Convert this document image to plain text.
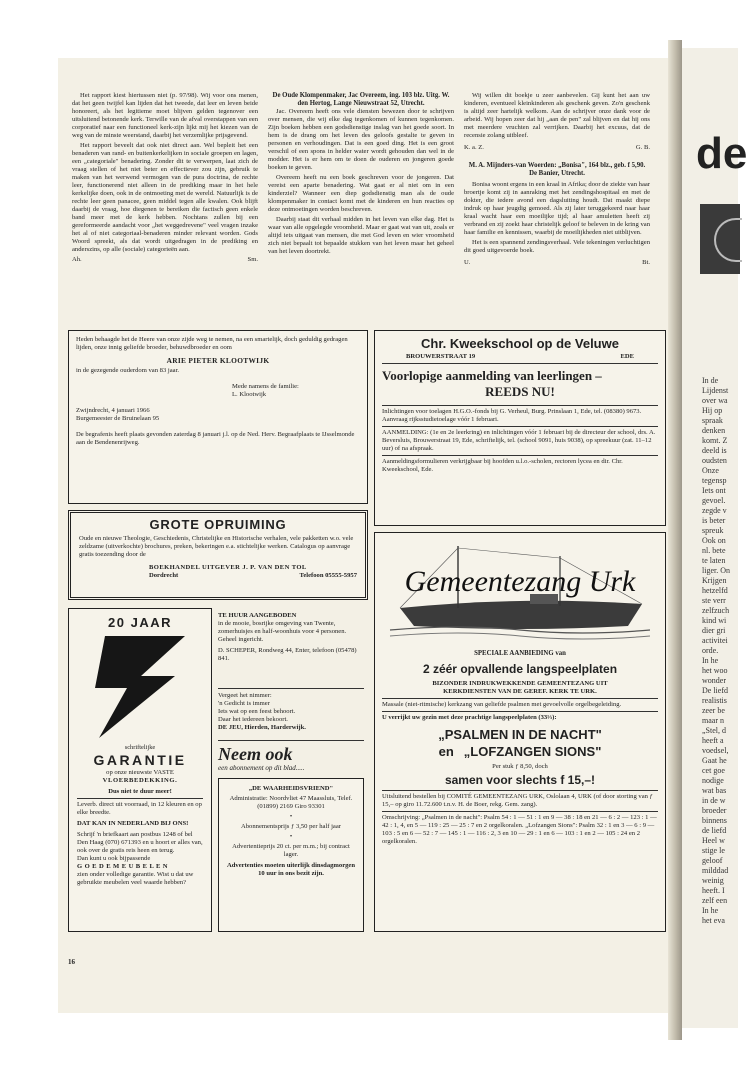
de
In de
Lijdenst
over wa
Hij op
spraak
denken
komt. Z
deeld is
oudsten
Onze
tegensp
Iets ont
gevoel.
zegde v
is beter
spreuk
Ook on
nl. bete
te laten
liger. On
Krijgen
hetzelfd
ste verr
zelfzuch
kind wi
dier gri
activitei
orde.
In he
het woo
wonder
De liefd
realistis
zeer be
maar n
„Stel, d
heeft a
voedsel,
Gaat he
cet goe
nodige
wat bas
in de w
broeder
binnens
de liefd
Heel w
stige le
geloof
milddad
weinig
heeft. I
zelf een
In he
het eva

Het rapport kiest hiertussen niet (p. 97/98). Wij voor ons menen, dat het geen twijfel kan lijden dat het tweede, dat leer en leven beide honoreert, als het legitieme moet blijven gelden tegenover een uitsluitend betonende kerk. Terwille van de afval overstappen van een corporatief naar een functioneel kerk-zijn lijkt mij het kiezen van de weg van de minste weerstand, daarbij het verzemlijke prijsgevend.

Het rapport beveelt dat ook niet direct aan. Wel bepleit het een benaderen van rand- en buitenkerkelijken in sociale groepen en lagen, een „categoriale" benadering. Zonder dit te verwerpen, laat zich de vraag stellen of het niet beter en effectiever zou zijn, gebruik te maken van het werwend vermogen van de pura doctrina, de rechte leer, functionerend niet alleen in de prediking maar in het hele kerkelijke doen, ook in de ontmoeting met de wereld. Natuurlijk is de rechte leer geen panacee, geen middel tegen alle kwalen. Ook blijft daarbij de vraag, hoe diegenen te bereiken die factisch geen enkele band meer met de kerk hebben. Nochtans zullen bij een gereformeerde aandacht voor „het weggedrevene" veel vragen inzake het al of niet categoriaal-benaderen minder relevant worden. Gods Woord spreekt, als dat wordt uitgedragen in de prediking en anderszins, op alle (sociale) categorieën aan.

Ah.	Sm.
De Oude Klompenmaker, Jac Overeem, ing. 103 blz. Uitg. W. den Hertog, Lange Nieuwstraat 52, Utrecht.

Jac. Overeem heeft ons vele diensten bewezen door te schrijven over mensen, die wij elke dag tegenkomen of kunnen tegenkomen. Zijn boeken hebben een godsdienstige inslag van het goede soort. In hem is de drang om het leven des geloofs gestalte te geven in personen en verhoudingen. Dat is een goed ding. Het is een groot verschil of een spons in helder water wordt gehouden dan wel in de modder. Het is er hem om te doen de ouderen en jongeren goede boeken te geven.

Overeem heeft nu een boek geschreven voor de jongeren. Dat vereist een aparte benadering. Wat gaat er al niet om in een kinderziel? Wanneer een diep godsdienstig man als de oude klompenmaker in contact komt met de kinderen en hun reacties op deze ontmoetingen worden beschreven.

Daarbij staat dit verhaal midden in het leven van elke dag. Het is waar van alle opgelegde vroomheid. Maar er gaat wat van uit, zoals er altijd iets uitgaat van mensen, die met God leven en wier vroomheid zich niet bepaalt tot bepaalde stukken van het leven maar het geheel van het leven doortrekt.

Wij willen dit boekje u zeer aanbevelen. Gij kunt het aan uw kinderen, eventueel kleinkinderen als geschenk geven. Zo'n geschenk is altijd zeer hartelijk welkom. Aan de schrijver onze dank voor de arbeid. Wij hopen zeer dat hij „aan de pen" zal blijven en dat hij ons met meerdere vruchten zal verrijken. Daarbij het excuus, dat de recensie zolang uitbleef.

K. a. Z.	G. B.
M. A. Mijnders-van Woerden: „Bonisa", 164 blz., geb. f 5,90. De Banier, Utrecht.

Bonisa woont ergens in een kraal in Afrika; door de ziekte van haar broertje komt zij in aanraking met het zendingshospitaal en met de dokter, die iedere avond een dagsluiting houdt. Dat maakt diepe indruk op haar jeugdig gemoed. Als zij later teruggekeerd naar haar kraal wacht haar een moeilijke tijd; al haar amuletten heeft zij verbrand en zij zoekt haar christelijk geloof te beleven in de kring van haar familie en kennissen, waarbij de moeilijkheden niet uitblijven.

Het is een spannend zendingsverhaal. Vele tekeningen verluchtigen dit goed uitgevoerde boek.

U.	Bt.
Heden behaagde het de Heere van onze zijde weg te nemen, na een smartelijk, doch geduldig gedragen lijden, onze innig geliefde broeder, behuwdbroeder en oom
ARIE PIETER KLOOTWIJK
in de gezegende ouderdom van 83 jaar.
Mede namens de familie:
L. Klootwijk
Zwijndrecht, 4 januari 1966
Burgemeester de Bruinelaan 95
De begrafenis heeft plaats gevonden zaterdag 8 januari j.l. op de Ned. Herv. Begraafplaats te IJsselmonde aan de Bendenenrijweg.
GROTE OPRUIMING
Oude en nieuwe Theologie, Geschiedenis, Christelijke en Historische verhalen, vele pakketten w.o. vele zeldzame (uitverkochte) brochures, preken, bekeringen e.a. stichtelijke werken. Catalogus op aanvrage gratis toezending door de
BOEKHANDEL UITGEVER J. P. VAN DEN TOL
Dordrecht	Telefoon 05555-5957
Chr. Kweekschool op de Veluwe
BROUWERSTRAAT 19	EDE
Voorlopige aanmelding van leerlingen –
REEDS NU!
Inlichtingen voor toelagen H.G.O.-fonds bij G. Verheul, Burg. Prinslaan 1, Ede, tel. (08380) 9673.
Aanvraag rijksstudietoelage vóór 1 februari.
AANMELDING: (1e en 2e leerkring) en inlichtingen vóór 1 februari bij de directeur der school, drs. A. Beversluis, Brouwerstraat 19, Ede, schriftelijk, tel. (school 9091, huis 9038), op spreekuur (zat. 11–12 uur) of na afspraak.
Aanmeldingsformulieren verkrijgbaar bij hoofden u.l.o.-scholen, rectoren lycea en dir. Chr. Kweekschool, Ede.
Gemeentezang Urk
SPECIALE AANBIEDING van
2 zéér opvallende langspeelplaten
BIZONDER INDRUKWEKKENDE GEMEENTEZANG UIT
KERKDIENSTEN VAN DE GEREF. KERK TE URK.
Massale (niet-ritmische) kerkzang van geliefde psalmen met gevoelvolle orgelbegeleiding.
U verrijkt uw gezin met deze prachtige langspeelplaten (33⅓):
„PSALMEN IN DE NACHT"
en „LOFZANGEN SIONS"
Per stuk ƒ 8,50, doch
samen voor slechts f 15,–!
Uitsluitend bestellen bij COMITÉ GEMEENTEZANG URK, Oslolaan 4, URK (of door storting van ƒ 15,– op giro 11.72.600 t.n.v. H. de Boer, rekg. Gem. zang).
Omschrijving: „Psalmen in de nacht": Psalm 54 : 1 — 51 : 1 en 9 — 38 : 18 en 21 — 6 : 2 — 123 : 1 — 42 : 1, 4, en 5 — 119 : 25 — 25 : 7 en 2 orgelkoralen. „Lofzangen Sions": Psalm 32 : 1 en 3 — 6 : 9 — 103 : 5 en 6 — 52 : 7 — 145 : 1 — 116 : 2, 3 en 10 — 29 : 1 en 6 — 103 : 1 en 2 — 105 : 24 en 2 orgelkoralen.
20 JAAR
schriftelijke
GARANTIE
op onze nieuwste VASTE
VLOERBEDEKKING.
Dus niet te duur meer!
Leverb. direct uit voorraad, in 12 kleuren en op elke breedte.
DAT KAN IN NEDERLAND BIJ ONS!
Schrijf 'n briefkaart aan postbus 1248 of bel Den Haag (070) 671393 en u hoort er alles van, ook over de gratis reis heen en terug.
Dan kunt u ook bijpassende
G O E D E M E U B E L E N
zien onder volledige garantie. Wist u dat uw gebruikte meubelen veel waarde hebben?
TE HUUR AANGEBODEN
in de mooie, bosrijke omgeving van Twente, zomerhuisjes en half-woonhuis voor 4 personen. Geheel ingericht.
D. SCHEPER, Rondweg 44, Enter, telefoon (05478) 841.
Vergeet het nimmer:
'n Gedicht is immer
Iets wat op een feest behoort.
Daar het iedereen bekoort.
DE JEU, Hierden, Harderwijk.
Neem ook
een abonnement op dit blad.....
„DE WAARHEIDSVRIEND"
Administratie: Noordvliet 47 Maassluis, Telef. (01899) 2169 Giro 93301
•
Abonnementsprijs ƒ 3,50 per half jaar
•
Advertentieprijs 20 ct. per m.m.; bij contract lager.
Advertenties moeten uiterlijk dinsdagmorgen 10 uur in ons bezit zijn.
16
